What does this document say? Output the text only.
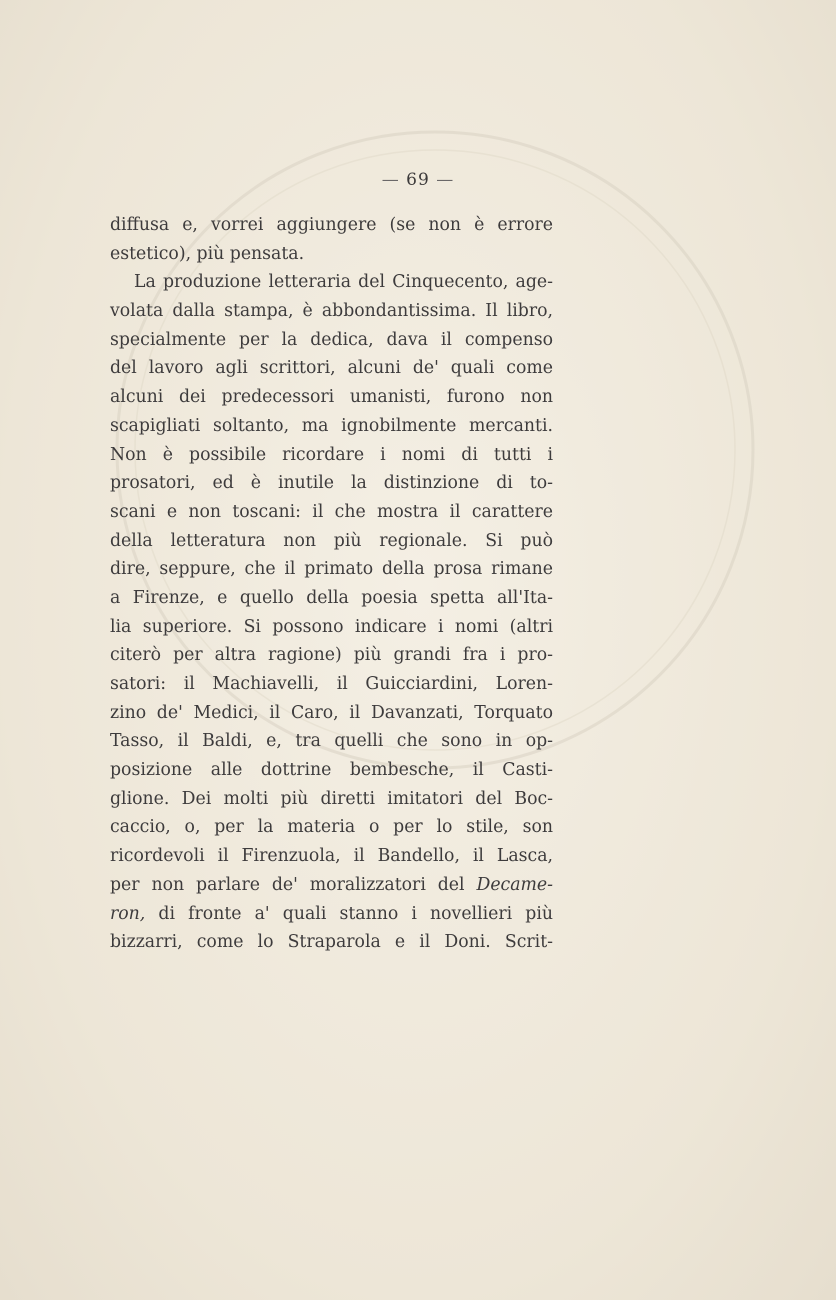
— 69 —
diffusa e, vorrei aggiungere (se non è errore
estetico), più pensata.
La produzione letteraria del Cinquecento, age-
volata dalla stampa, è abbondantissima. Il libro,
specialmente per la dedica, dava il compenso
del lavoro agli scrittori, alcuni de' quali come
alcuni dei predecessori umanisti, furono non
scapigliati soltanto, ma ignobilmente mercanti.
Non è possibile ricordare i nomi di tutti i
prosatori, ed è inutile la distinzione di to-
scani e non toscani: il che mostra il carattere
della letteratura non più regionale. Si può
dire, seppure, che il primato della prosa rimane
a Firenze, e quello della poesia spetta all'Ita-
lia superiore. Si possono indicare i nomi (altri
citerò per altra ragione) più grandi fra i pro-
satori: il Machiavelli, il Guicciardini, Loren-
zino de' Medici, il Caro, il Davanzati, Torquato
Tasso, il Baldi, e, tra quelli che sono in op-
posizione alle dottrine bembesche, il Casti-
glione. Dei molti più diretti imitatori del Boc-
caccio, o, per la materia o per lo stile, son
ricordevoli il Firenzuola, il Bandello, il Lasca,
per non parlare de' moralizzatori del Decame-
ron, di fronte a' quali stanno i novellieri più
bizzarri, come lo Straparola e il Doni. Scrit-
